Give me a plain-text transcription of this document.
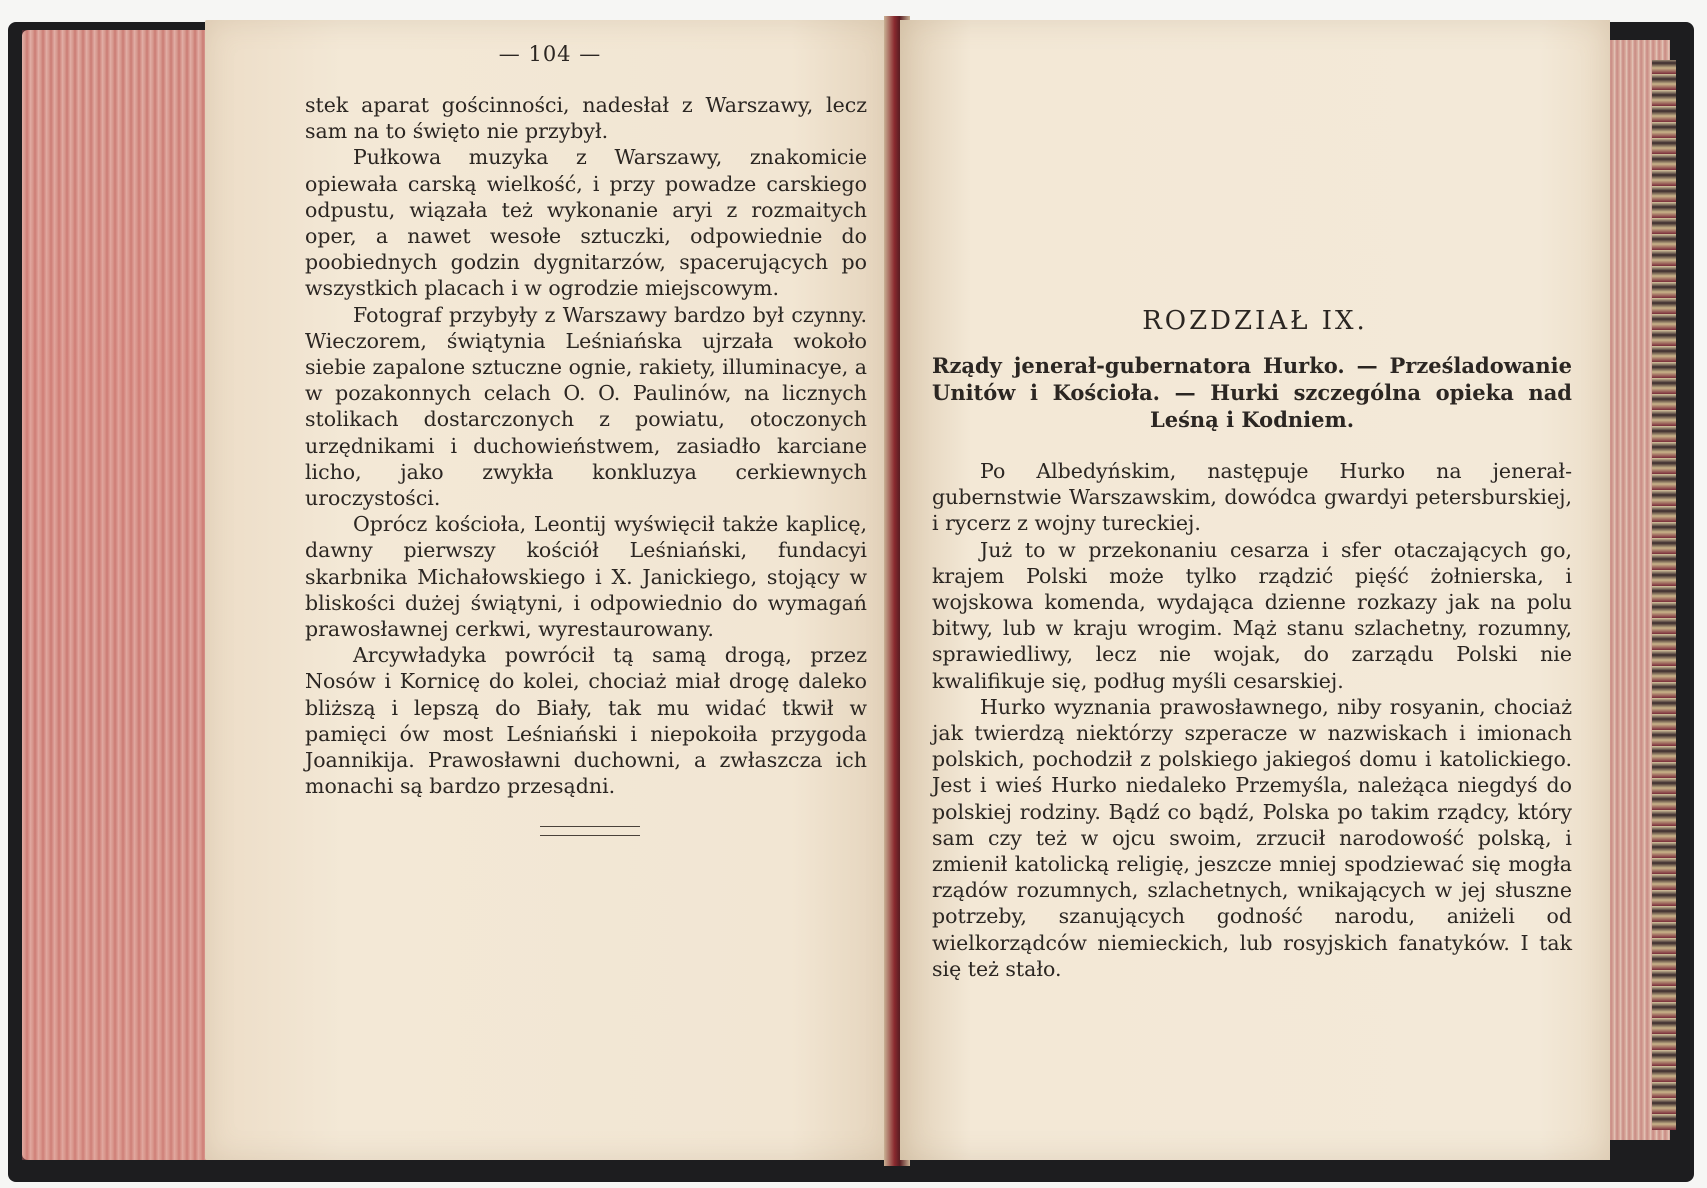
— 104 —

stek aparat gościnności, nadesłał z Warszawy, lecz sam na to święto nie przybył.

Pułkowa muzyka z Warszawy, znakomicie opiewała carską wielkość, i przy powadze carskiego odpustu, wiązała też wykonanie aryi z rozmaitych oper, a nawet wesołe sztuczki, odpowiednie do poobiednych godzin dygnitarzów, spacerujących po wszystkich placach i w ogrodzie miejscowym.

Fotograf przybyły z Warszawy bardzo był czynny. Wieczorem, świątynia Leśniańska ujrzała wokoło siebie zapalone sztuczne ognie, rakiety, illuminacye, a w pozakonnych celach O. O. Paulinów, na licznych stolikach dostarczonych z powiatu, otoczonych urzędnikami i duchowieństwem, zasiadło karciane licho, jako zwykła konkluzya cerkiewnych uroczystości.

Oprócz kościoła, Leontij wyświęcił także kaplicę, dawny pierwszy kościół Leśniański, fundacyi skarbnika Michałowskiego i X. Janickiego, stojący w bliskości dużej świątyni, i odpowiednio do wymagań prawosławnej cerkwi, wyrestaurowany.

Arcywładyka powrócił tą samą drogą, przez Nosów i Kornicę do kolei, chociaż miał drogę daleko bliższą i lepszą do Biały, tak mu widać tkwił w pamięci ów most Leśniański i niepokoiła przygoda Joannikija. Prawosławni duchowni, a zwłaszcza ich monachi są bardzo przesądni.

ROZDZIAŁ IX.
Rządy jenerał-gubernatora Hurko. — Prześladowanie Unitów i Kościoła. — Hurki szczególna opieka nad Leśną i Kodniem.

Po Albedyńskim, następuje Hurko na jenerał-gubernstwie Warszawskim, dowódca gwardyi petersburskiej, i rycerz z wojny tureckiej.

Już to w przekonaniu cesarza i sfer otaczających go, krajem Polski może tylko rządzić pięść żołnierska, i wojskowa komenda, wydająca dzienne rozkazy jak na polu bitwy, lub w kraju wrogim. Mąż stanu szlachetny, rozumny, sprawiedliwy, lecz nie wojak, do zarządu Polski nie kwalifikuje się, podług myśli cesarskiej.

Hurko wyznania prawosławnego, niby rosyanin, chociaż jak twierdzą niektórzy szperacze w nazwiskach i imionach polskich, pochodził z polskiego jakiegoś domu i katolickiego. Jest i wieś Hurko niedaleko Przemyśla, należąca niegdyś do polskiej rodziny. Bądź co bądź, Polska po takim rządcy, który sam czy też w ojcu swoim, zrzucił narodowość polską, i zmienił katolicką religię, jeszcze mniej spodziewać się mogła rządów rozumnych, szlachetnych, wnikających w jej słuszne potrzeby, szanujących godność narodu, aniżeli od wielkorządców niemieckich, lub rosyjskich fanatyków. I tak się też stało.
